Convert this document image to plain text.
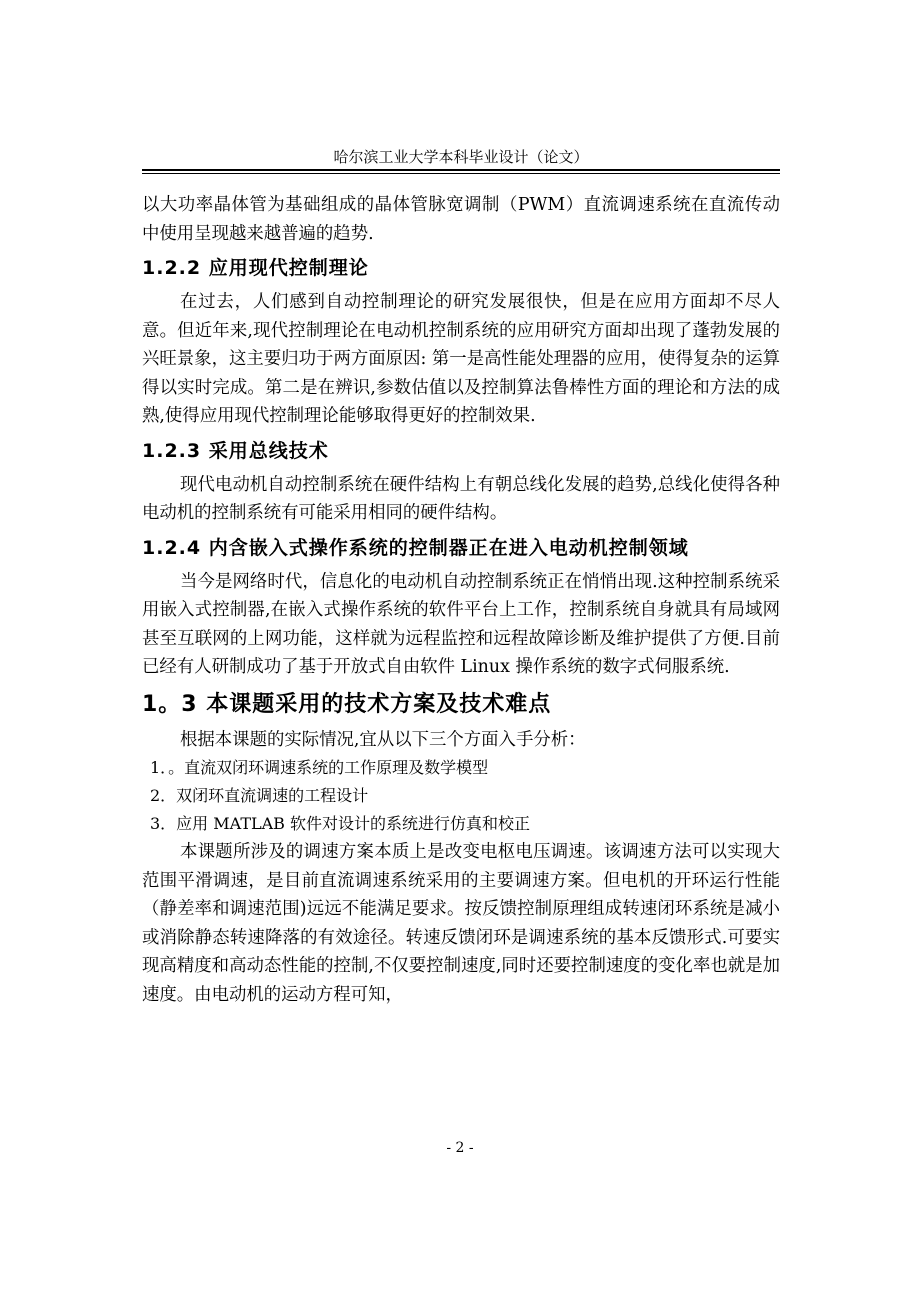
哈尔滨工业大学本科毕业设计（论文）

以大功率晶体管为基础组成的晶体管脉宽调制（PWM）直流调速系统在直流传动中使用呈现越来越普遍的趋势.

1.2.2 应用现代控制理论

在过去，人们感到自动控制理论的研究发展很快，但是在应用方面却不尽人意。但近年来,现代控制理论在电动机控制系统的应用研究方面却出现了蓬勃发展的兴旺景象，这主要归功于两方面原因: 第一是高性能处理器的应用，使得复杂的运算得以实时完成。第二是在辨识,参数估值以及控制算法鲁棒性方面的理论和方法的成熟,使得应用现代控制理论能够取得更好的控制效果.

1.2.3 采用总线技术

现代电动机自动控制系统在硬件结构上有朝总线化发展的趋势,总线化使得各种电动机的控制系统有可能采用相同的硬件结构。

1.2.4 内含嵌入式操作系统的控制器正在进入电动机控制领域

当今是网络时代，信息化的电动机自动控制系统正在悄悄出现.这种控制系统采用嵌入式控制器,在嵌入式操作系统的软件平台上工作，控制系统自身就具有局域网甚至互联网的上网功能，这样就为远程监控和远程故障诊断及维护提供了方便.目前已经有人研制成功了基于开放式自由软件 Linux 操作系统的数字式伺服系统.

1。3 本课题采用的技术方案及技术难点

根据本课题的实际情况,宜从以下三个方面入手分析：

1．。直流双闭环调速系统的工作原理及数学模型

2．双闭环直流调速的工程设计

3．应用 MATLAB 软件对设计的系统进行仿真和校正

本课题所涉及的调速方案本质上是改变电枢电压调速。该调速方法可以实现大范围平滑调速，是目前直流调速系统采用的主要调速方案。但电机的开环运行性能（静差率和调速范围)远远不能满足要求。按反馈控制原理组成转速闭环系统是减小或消除静态转速降落的有效途径。转速反馈闭环是调速系统的基本反馈形式.可要实现高精度和高动态性能的控制,不仅要控制速度,同时还要控制速度的变化率也就是加速度。由电动机的运动方程可知，

- 2 -
